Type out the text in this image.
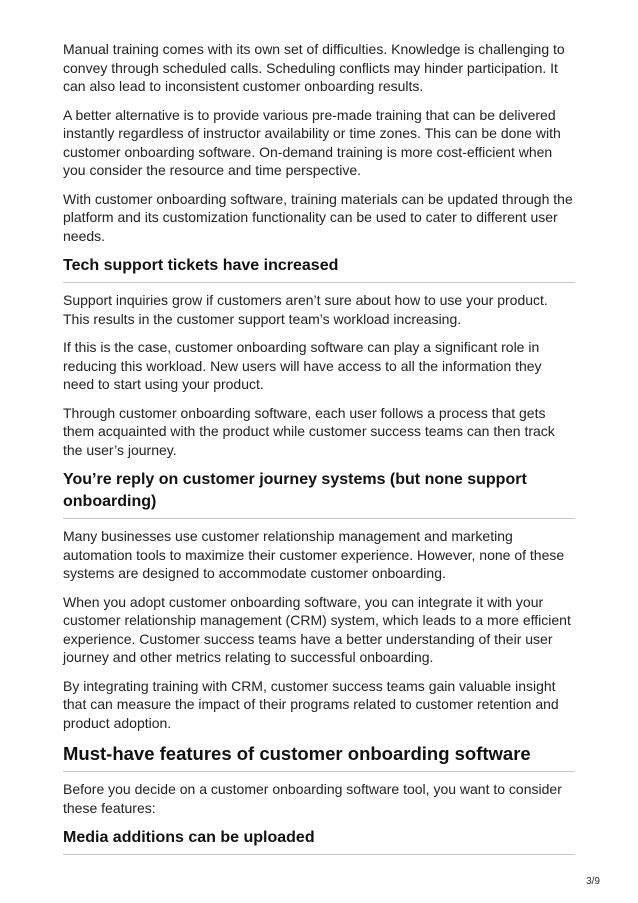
Manual training comes with its own set of difficulties. Knowledge is challenging to convey through scheduled calls. Scheduling conflicts may hinder participation. It can also lead to inconsistent customer onboarding results.

A better alternative is to provide various pre-made training that can be delivered instantly regardless of instructor availability or time zones. This can be done with customer onboarding software. On-demand training is more cost-efficient when you consider the resource and time perspective.

With customer onboarding software, training materials can be updated through the platform and its customization functionality can be used to cater to different user needs.

Tech support tickets have increased

Support inquiries grow if customers aren’t sure about how to use your product. This results in the customer support team’s workload increasing.

If this is the case, customer onboarding software can play a significant role in reducing this workload. New users will have access to all the information they need to start using your product.

Through customer onboarding software, each user follows a process that gets them acquainted with the product while customer success teams can then track the user’s journey.

You’re reply on customer journey systems (but none support onboarding)

Many businesses use customer relationship management and marketing automation tools to maximize their customer experience. However, none of these systems are designed to accommodate customer onboarding.

When you adopt customer onboarding software, you can integrate it with your customer relationship management (CRM) system, which leads to a more efficient experience. Customer success teams have a better understanding of their user journey and other metrics relating to successful onboarding.

By integrating training with CRM, customer success teams gain valuable insight that can measure the impact of their programs related to customer retention and product adoption.

Must-have features of customer onboarding software

Before you decide on a customer onboarding software tool, you want to consider these features:

Media additions can be uploaded
3/9
